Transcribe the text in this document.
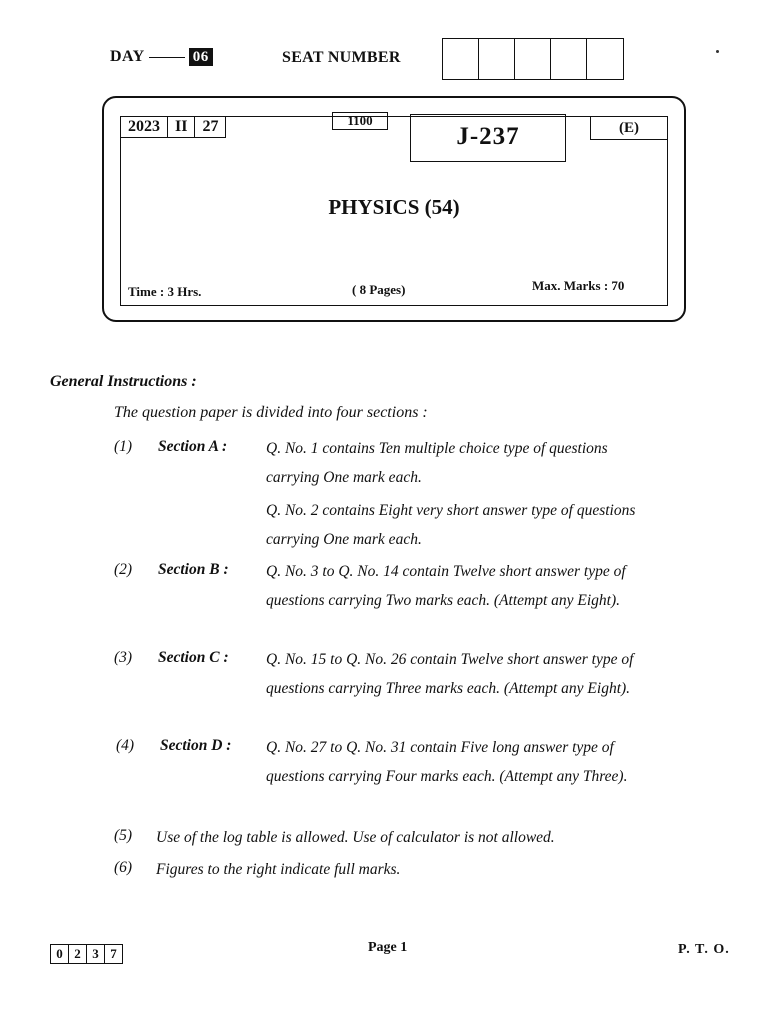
DAY	06	SEAT NUMBER
2023 II 27	1100
J-237	(E)
PHYSICS (54)
Time : 3 Hrs.	( 8 Pages)	Max. Marks : 70
General Instructions :
The question paper is divided into four sections :
(1) Section A :	Q. No. 1 contains Ten multiple choice type of questions carrying One mark each.
Q. No. 2 contains Eight very short answer type of questions carrying One mark each.
(2) Section B : Q. No. 3 to Q. No. 14 contain Twelve short answer type of questions carrying Two marks each. (Attempt any Eight).
(3) Section C : Q. No. 15 to Q. No. 26 contain Twelve short answer type of questions carrying Three marks each. (Attempt any Eight).
(4) Section D : Q. No. 27 to Q. No. 31 contain Five long answer type of questions carrying Four marks each. (Attempt any Three).
(5) Use of the log table is allowed. Use of calculator is not allowed.
(6) Figures to the right indicate full marks.
0 2 3 7	Page 1	P. T. O.
